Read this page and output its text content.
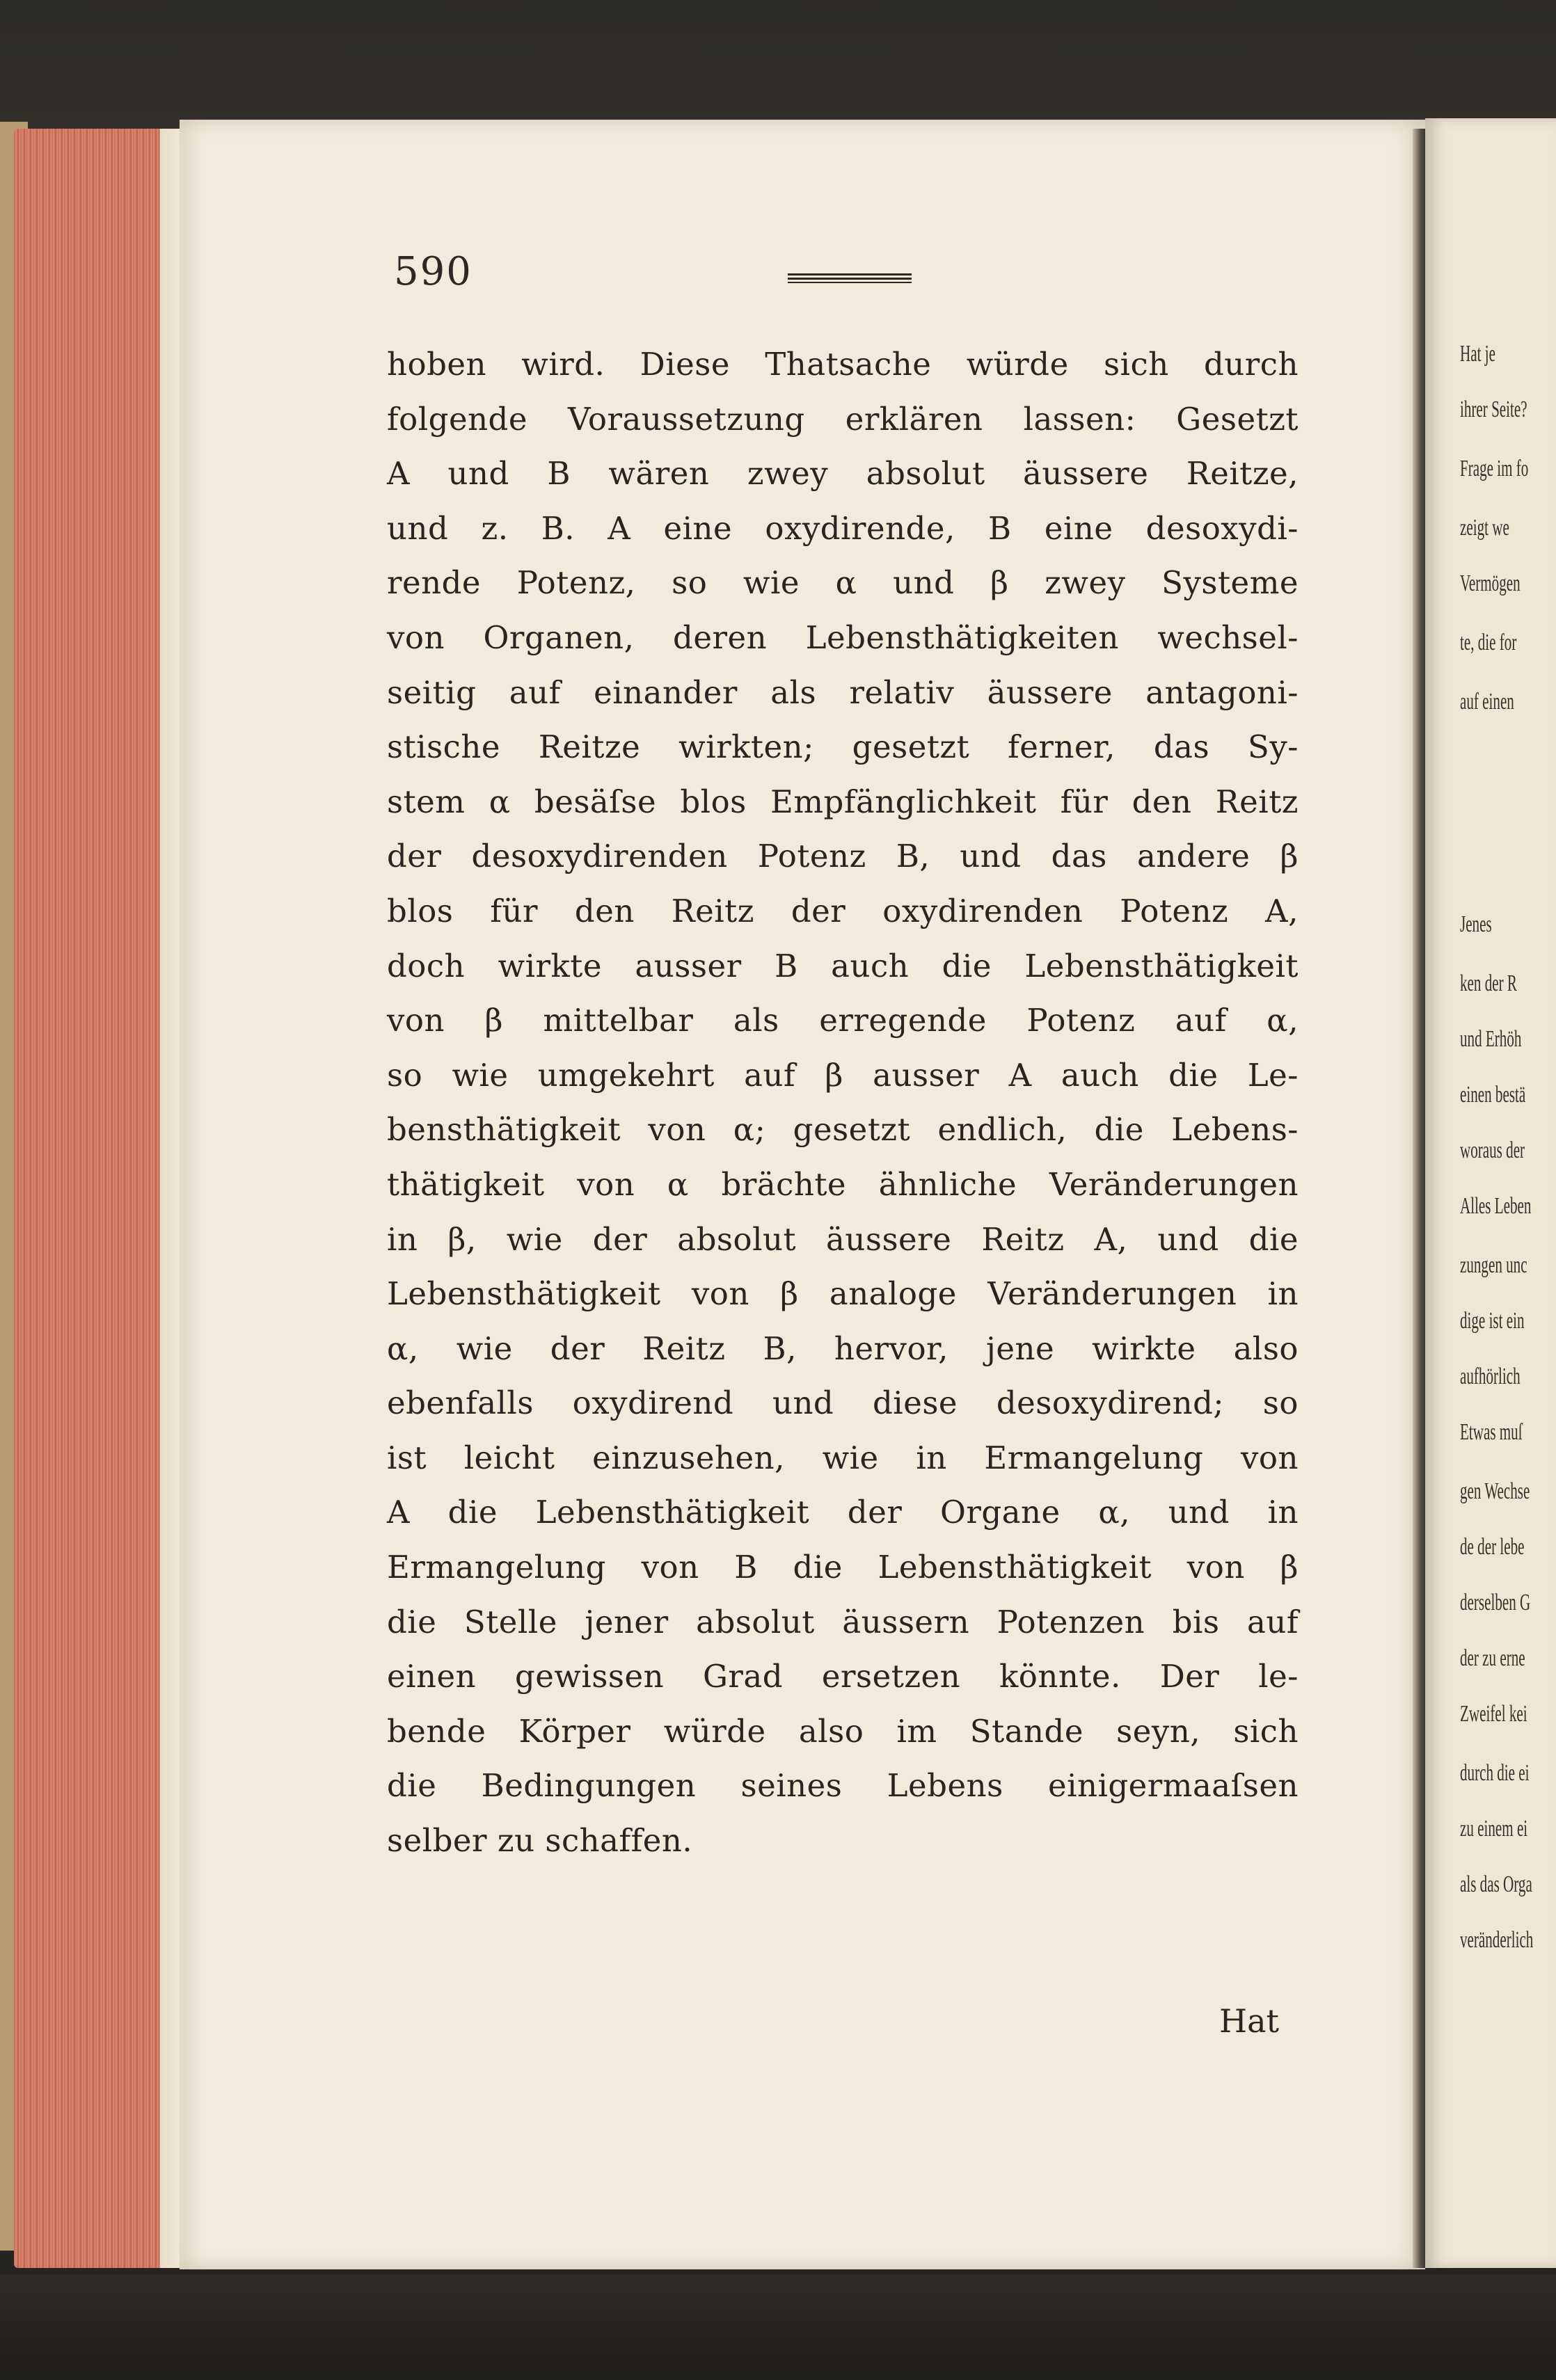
Hat je
ihrer Seite?
Frage im fo
zeigt we
Vermögen
te, die for
auf einen
Jenes
ken der R
und Erhöh
einen bestä
woraus der
Alles Leben
zungen unc
dige ist ein
aufhörlich
Etwas muſ
gen Wechse
de der lebe
derselben G
der zu erne
Zweifel kei
durch die ei
zu einem ei
als das Orga
veränderlich
590
hoben wird. Diese Thatsache würde sich durch
folgende Voraussetzung erklären lassen: Gesetzt
A und B wären zwey absolut äussere Reitze,
und z. B. A eine oxydirende, B eine desoxydi-
rende Potenz, so wie α und β zwey Systeme
von Organen, deren Lebensthätigkeiten wechsel-
seitig auf einander als relativ äussere antagoni-
stische Reitze wirkten; gesetzt ferner, das Sy-
stem α besäſse blos Empfänglichkeit für den Reitz
der desoxydirenden Potenz B, und das andere β
blos für den Reitz der oxydirenden Potenz A,
doch wirkte ausser B auch die Lebensthätigkeit
von β mittelbar als erregende Potenz auf α,
so wie umgekehrt auf β ausser A auch die Le-
bensthätigkeit von α; gesetzt endlich, die Lebens-
thätigkeit von α brächte ähnliche Veränderungen
in β, wie der absolut äussere Reitz A, und die
Lebensthätigkeit von β analoge Veränderungen in
α, wie der Reitz B, hervor, jene wirkte also
ebenfalls oxydirend und diese desoxydirend; so
ist leicht einzusehen, wie in Ermangelung von
A die Lebensthätigkeit der Organe α, und in
Ermangelung von B die Lebensthätigkeit von β
die Stelle jener absolut äussern Potenzen bis auf
einen gewissen Grad ersetzen könnte. Der le-
bende Körper würde also im Stande seyn, sich
die Bedingungen seines Lebens einigermaaſsen
selber zu schaffen.
Hat
